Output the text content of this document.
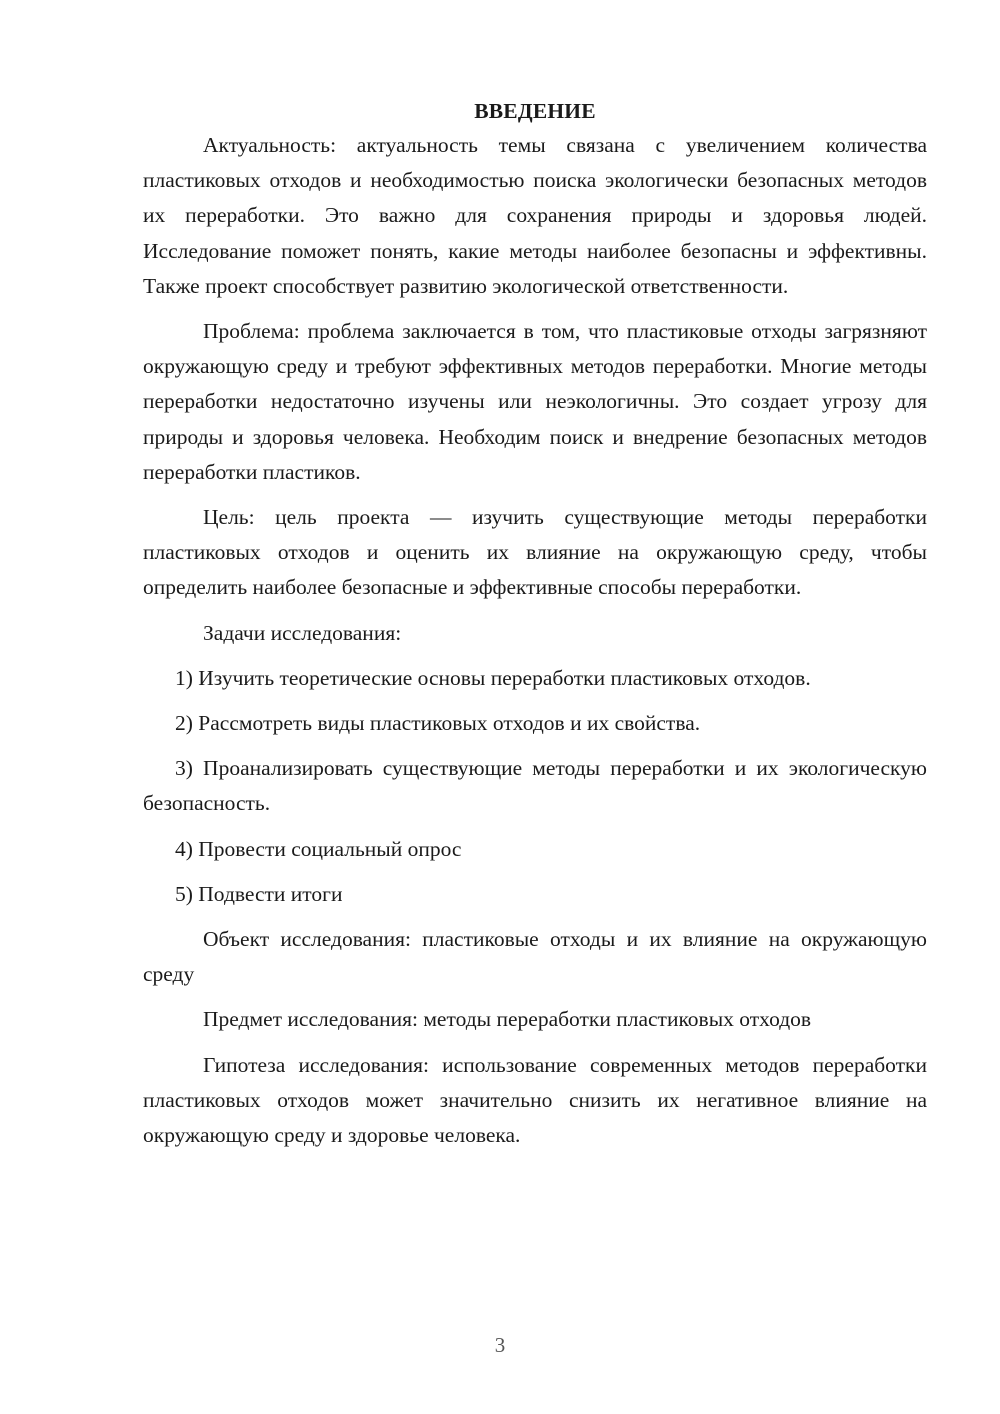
ВВЕДЕНИЕ

Актуальность: актуальность темы связана с увеличением количества пластиковых отходов и необходимостью поиска экологически безопасных методов их переработки. Это важно для сохранения природы и здоровья людей. Исследование поможет понять, какие методы наиболее безопасны и эффективны. Также проект способствует развитию экологической ответственности.

Проблема: проблема заключается в том, что пластиковые отходы загрязняют окружающую среду и требуют эффективных методов переработки. Многие методы переработки недостаточно изучены или неэкологичны. Это создает угрозу для природы и здоровья человека. Необходим поиск и внедрение безопасных методов переработки пластиков.

Цель: цель проекта — изучить существующие методы переработки пластиковых отходов и оценить их влияние на окружающую среду, чтобы определить наиболее безопасные и эффективные способы переработки.

Задачи исследования:

1) Изучить теоретические основы переработки пластиковых отходов.

2) Рассмотреть виды пластиковых отходов и их свойства.

3) Проанализировать существующие методы переработки и их экологическую безопасность.

4) Провести социальный опрос

5) Подвести итоги

Объект исследования: пластиковые отходы и их влияние на окружающую среду

Предмет исследования: методы переработки пластиковых отходов

Гипотеза исследования: использование современных методов переработки пластиковых отходов может значительно снизить их негативное влияние на окружающую среду и здоровье человека.

3
